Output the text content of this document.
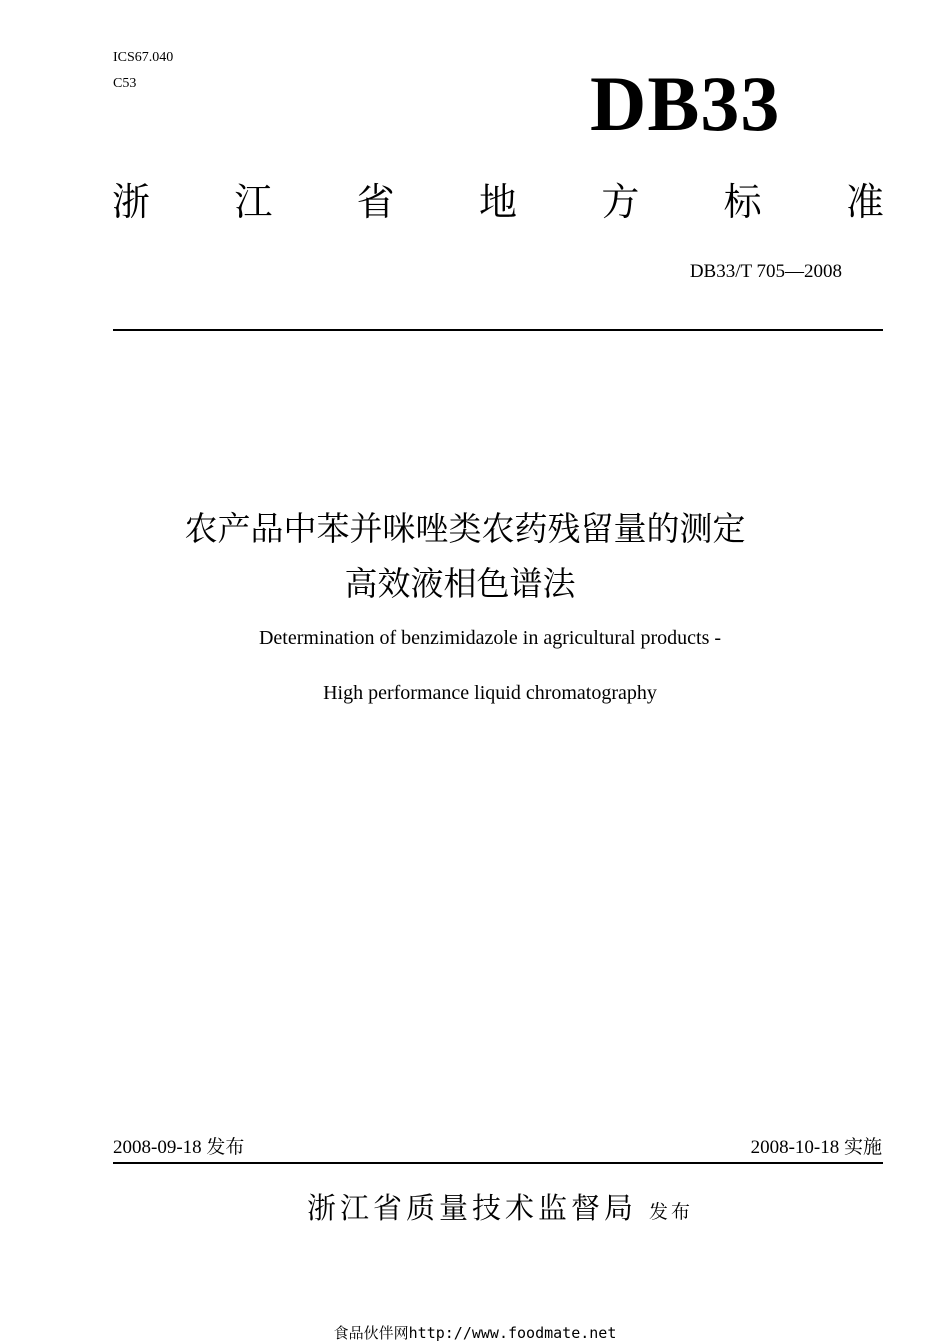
ICS67.040
C53	DB33
浙 江 省 地 方 标 准
DB33/T 705—2008
农产品中苯并咪唑类农药残留量的测定
高效液相色谱法
Determination of benzimidazole in agricultural products -
High performance liquid chromatography
2008-09-18 发布	2008-10-18 实施
浙江省质量技术监督局 发布
食品伙伴网http://www.foodmate.net
